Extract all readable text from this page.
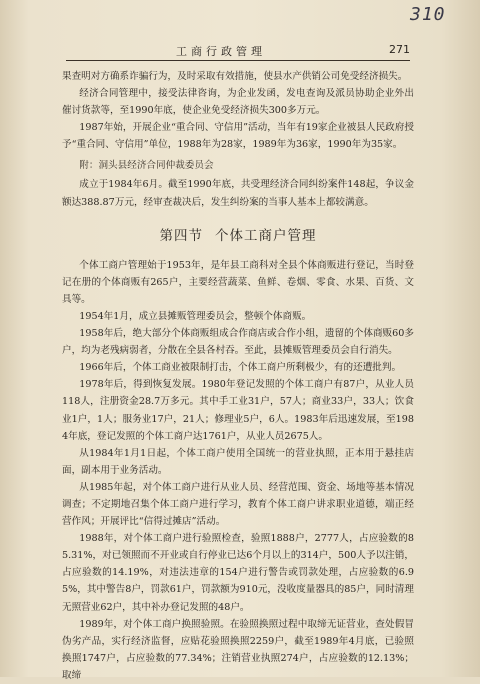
310
工商行政管理	271

果查明对方确系诈骗行为，及时采取有效措施，使县水产供销公司免受经济损失。

经济合同管理中，接受法律咨询，为企业发函，发电查询及派员协助企业外出催讨货款等，至1990年底，使企业免受经济损失300多万元。

1987年始，开展企业“重合同、守信用”活动，当年有19家企业被县人民政府授予“重合同、守信用”单位，1988年为28家，1989年为36家，1990年为35家。

附：洞头县经济合同仲裁委员会

成立于1984年6月。截至1990年底，共受理经济合同纠纷案件148起，争议金额达388.87万元，经审查裁决后，发生纠纷案的当事人基本上都较满意。

第四节 个体工商户管理

个体工商户管理始于1953年，是年县工商科对全县个体商贩进行登记，当时登记在册的个体商贩有265户，主要经营蔬菜、鱼鲜、卷烟、零食、水果、百货、文具等。

1954年1月，成立县摊贩管理委员会，整顿个体商贩。

1958年后，绝大部分个体商贩组成合作商店或合作小组，遗留的个体商贩60多户，均为老残病弱者，分散在全县各村吞。至此，县摊贩管理委员会自行消失。

1966年后，个体工商业被限制打击，个体工商户所剩极少，有的还遭批判。

1978年后，得到恢复发展。1980年登记发照的个体工商户有87户，从业人员118人，注册资金28.7万多元。其中手工业31户，57人；商业33户，33人；饮食业1户，1人；服务业17户，21人；修理业5户，6人。1983年后迅速发展，至1984年底，登记发照的个体工商户达1761户，从业人员2675人。

从1984年1月1日起，个体工商户使用全国统一的营业执照，正本用于悬挂店面，副本用于业务活动。

从1985年起，对个体工商户进行从业人员、经营范围、资金、场地等基本情况调查；不定期地召集个体工商户进行学习，教育个体工商户讲求职业道德，端正经营作风；开展评比“信得过摊店”活动。

1988年，对个体工商户进行验照检查，验照1888户，2777人，占应验数的85.31%，对已领照而不开业或自行停业已达6个月以上的314户，500人予以注销，占应验数的14.19%，对违法违章的154户进行警告或罚款处理，占应验数的6.95%，其中警告8户，罚款61户，罚款额为910元，没收度量器具的85户，同时清理无照营业62户，其中补办登记发照的48户。

1989年，对个体工商户换照验照。在验照换照过程中取缔无证营业，查处假冒伪劣产品，实行经济监督，应贴花验照换照2259户，截至1989年4月底，已验照换照1747户，占应验数的77.34%；注销营业执照274户，占应验数的12.13%；取缔
